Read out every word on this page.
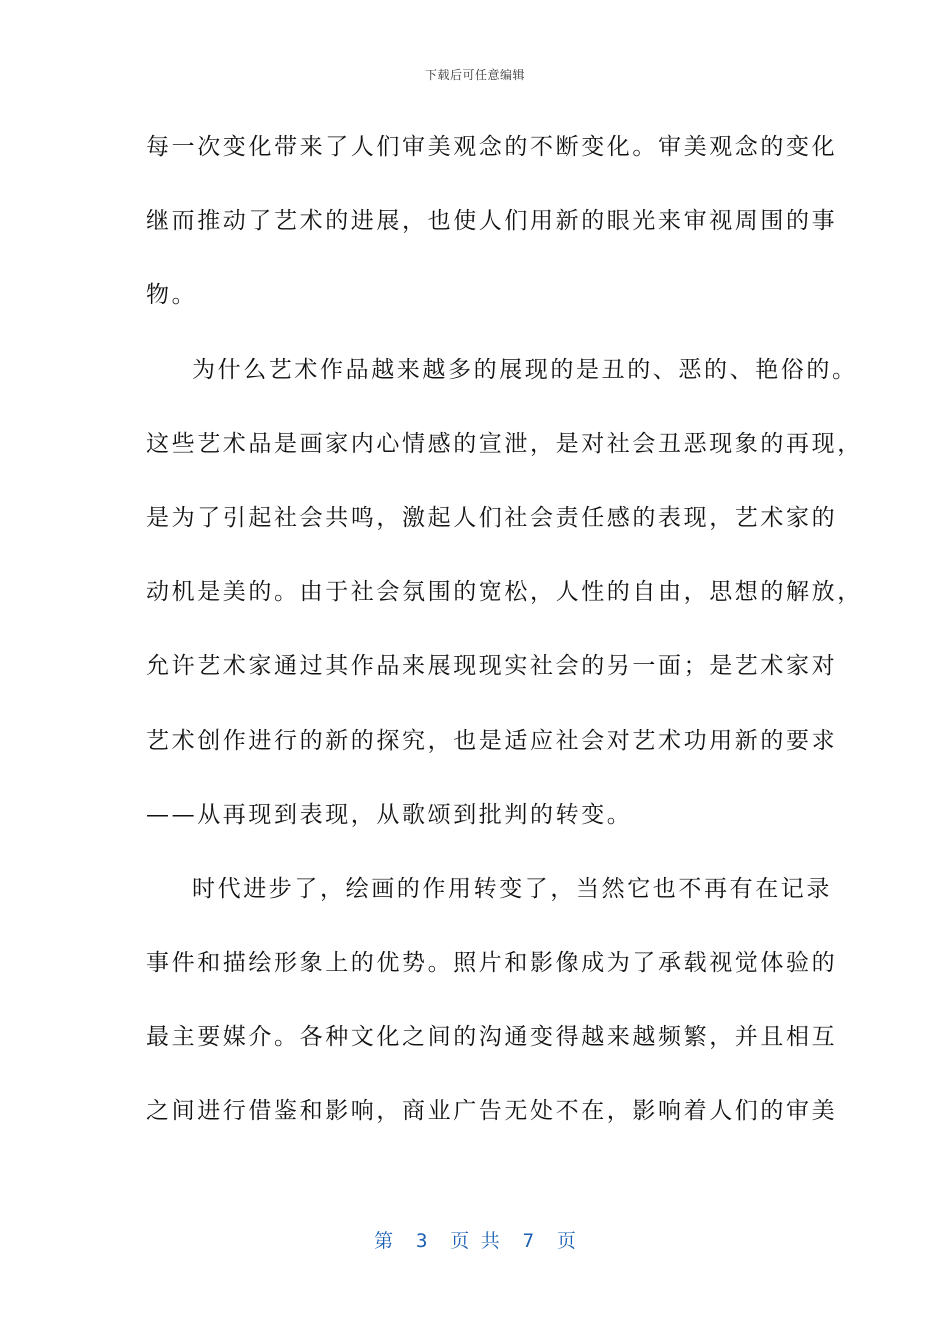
下载后可任意编辑
每一次变化带来了人们审美观念的不断变化。审美观念的变化
继而推动了艺术的进展，也使人们用新的眼光来审视周围的事
物。
为什么艺术作品越来越多的展现的是丑的、恶的、艳俗的。
这些艺术品是画家内心情感的宣泄，是对社会丑恶现象的再现，
是为了引起社会共鸣，激起人们社会责任感的表现，艺术家的
动机是美的。由于社会氛围的宽松，人性的自由，思想的解放，
允许艺术家通过其作品来展现现实社会的另一面；是艺术家对
艺术创作进行的新的探究，也是适应社会对艺术功用新的要求
——从再现到表现，从歌颂到批判的转变。
时代进步了，绘画的作用转变了，当然它也不再有在记录
事件和描绘形象上的优势。照片和影像成为了承载视觉体验的
最主要媒介。各种文化之间的沟通变得越来越频繁，并且相互
之间进行借鉴和影响，商业广告无处不在，影响着人们的审美
第  3  页 共  7  页
